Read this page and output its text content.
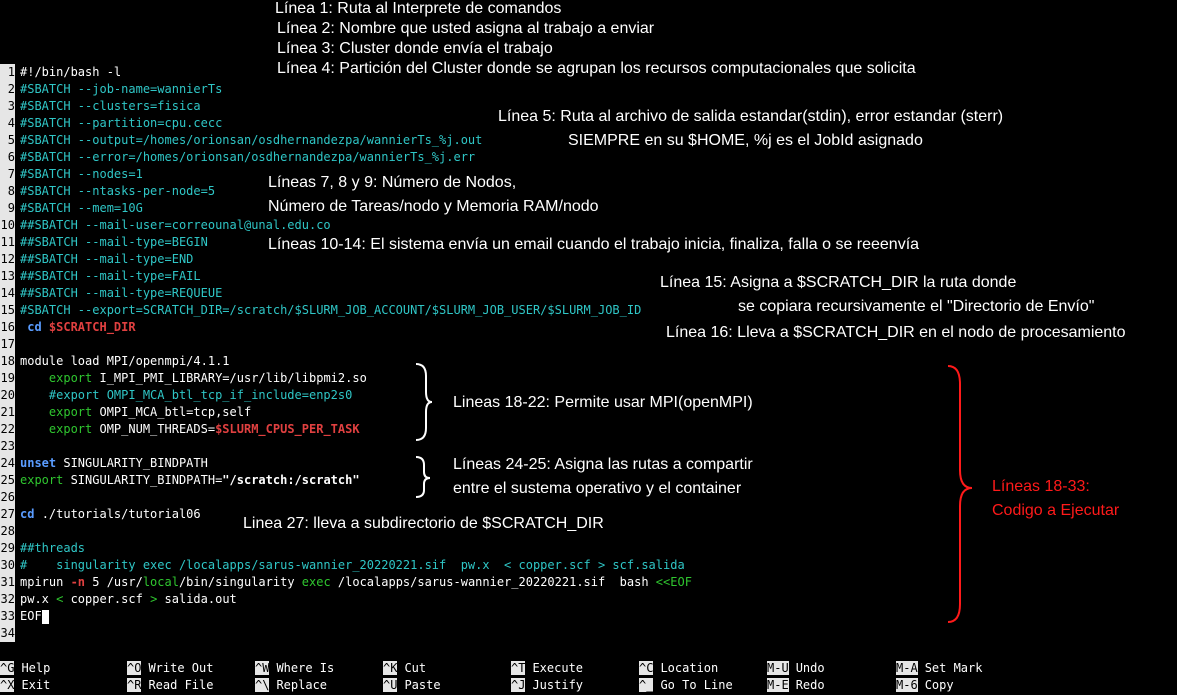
Línea 1: Ruta al Interprete de comandos
Línea 2: Nombre que usted asigna al trabajo a enviar
Línea 3: Cluster donde envía el trabajo
Línea 4: Partición del Cluster donde se agrupan los recursos computacionales que solicita
Línea 5: Ruta al archivo de salida estandar(stdin), error estandar (sterr)
SIEMPRE en su $HOME, %j es el JobId asignado
Líneas 7, 8 y 9: Número de Nodos,
Número de Tareas/nodo y Memoria RAM/nodo
Líneas 10-14: El sistema envía un email cuando el trabajo inicia, finaliza, falla o se reeenvía
Línea 15: Asigna a $SCRATCH_DIR la ruta donde
se copiara recursivamente el "Directorio de Envío"
Línea 16: Lleva a $SCRATCH_DIR en el nodo de procesamiento
Lineas 18-22: Permite usar MPI(openMPI)
Líneas 24-25: Asigna las rutas a compartir
entre el sustema operativo y el container
Linea 27: lleva a subdirectorio de $SCRATCH_DIR
Líneas 18-33:
Codigo a Ejecutar
1 #!/bin/bash -l
2 #SBATCH --job-name=wannierTs
3 #SBATCH --clusters=fisica
4 #SBATCH --partition=cpu.cecc
5 #SBATCH --output=/homes/orionsan/osdhernandezpa/wannierTs_%j.out
6 #SBATCH --error=/homes/orionsan/osdhernandezpa/wannierTs_%j.err
7 #SBATCH --nodes=1
8 #SBATCH --ntasks-per-node=5
9 #SBATCH --mem=10G
10 ##SBATCH --mail-user=correounal@unal.edu.co
11 ##SBATCH --mail-type=BEGIN
12 ##SBATCH --mail-type=END
13 ##SBATCH --mail-type=FAIL
14 ##SBATCH --mail-type=REQUEUE
15 #SBATCH --export=SCRATCH_DIR=/scratch/$SLURM_JOB_ACCOUNT/$SLURM_JOB_USER/$SLURM_JOB_ID
16 cd $SCRATCH_DIR
17
18 module load MPI/openmpi/4.1.1
19    export I_MPI_PMI_LIBRARY=/usr/lib/libpmi2.so
20    #export OMPI_MCA_btl_tcp_if_include=enp2s0
21    export OMPI_MCA_btl=tcp,self
22    export OMP_NUM_THREADS=$SLURM_CPUS_PER_TASK
23
24 unset SINGULARITY_BINDPATH
25 export SINGULARITY_BINDPATH="/scratch:/scratch"
26
27 cd ./tutorials/tutorial06
28
29 ##threads
30 #    singularity exec /localapps/sarus-wannier_20220221.sif  pw.x  < copper.scf > scf.salida
31 mpirun -n 5 /usr/local/bin/singularity exec /localapps/sarus-wannier_20220221.sif  bash <<EOF
32 pw.x < copper.scf > salida.out
33 EOF
34
^G Help	^O Write Out	^W Where Is	^K Cut	^T Execute	^C Location	M-U Undo	M-A Set Mark
^X Exit	^R Read File	^\ Replace	^U Paste	^J Justify	^_ Go To Line	M-E Redo	M-6 Copy
